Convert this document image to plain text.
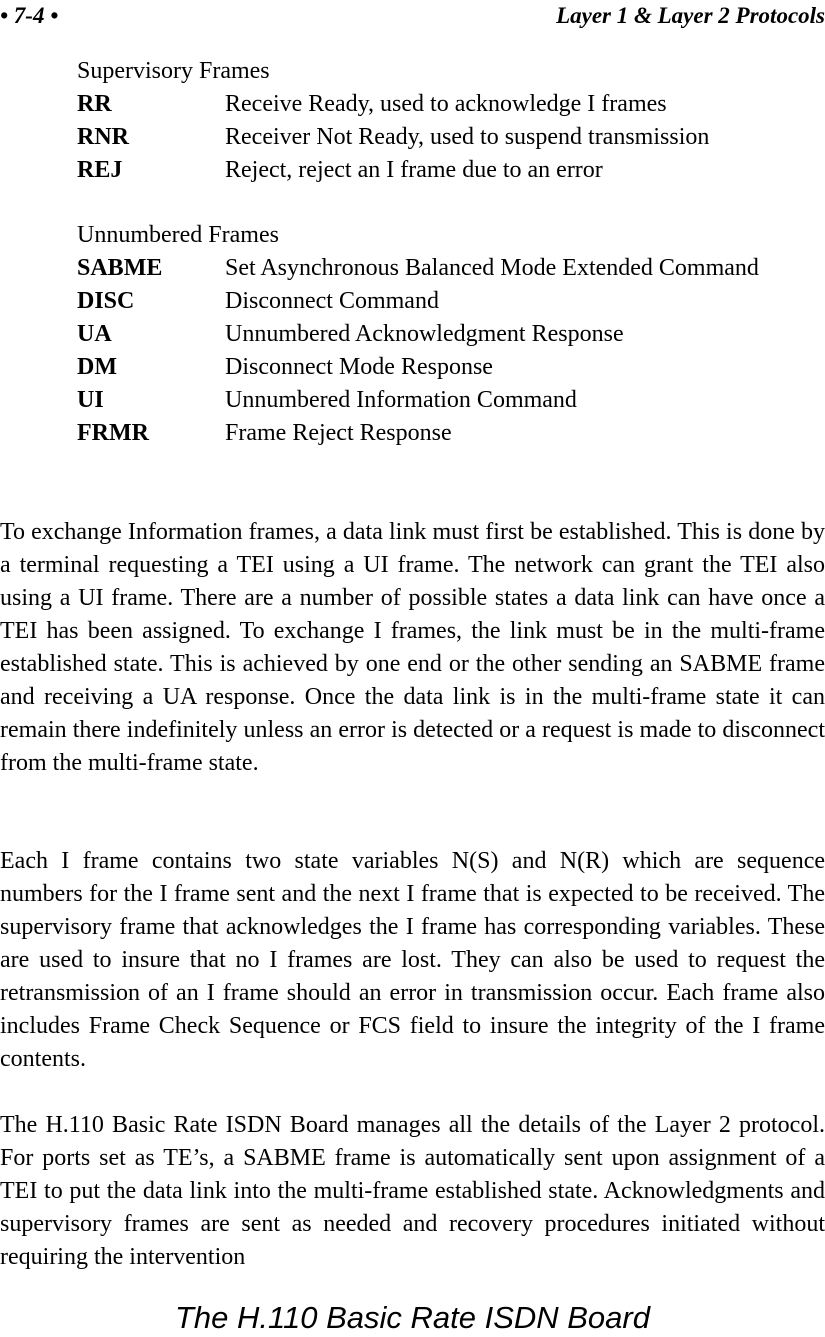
• 7-4 •	Layer 1 & Layer 2 Protocols
Supervisory Frames
RR	Receive Ready, used to acknowledge I frames
RNR	Receiver Not Ready, used to suspend transmission
REJ	Reject, reject an I frame due to an error
Unnumbered Frames
SABME	Set Asynchronous Balanced Mode Extended Command
DISC	Disconnect Command
UA	Unnumbered Acknowledgment Response
DM	Disconnect Mode Response
UI	Unnumbered Information Command
FRMR	Frame Reject Response

To exchange Information frames, a data link must first be established. This is done by a terminal requesting a TEI using a UI frame. The network can grant the TEI also using a UI frame. There are a number of possible states a data link can have once a TEI has been assigned. To exchange I frames, the link must be in the multi-frame established state. This is achieved by one end or the other sending an SABME frame and receiving a UA response. Once the data link is in the multi-frame state it can remain there indefinitely unless an error is detected or a request is made to disconnect from the multi-frame state.

Each I frame contains two state variables N(S) and N(R) which are sequence numbers for the I frame sent and the next I frame that is expected to be received. The supervisory frame that acknowledges the I frame has corresponding variables. These are used to insure that no I frames are lost. They can also be used to request the retransmission of an I frame should an error in transmission occur. Each frame also includes Frame Check Sequence or FCS field to insure the integrity of the I frame contents.

The H.110 Basic Rate ISDN Board manages all the details of the Layer 2 protocol. For ports set as TE’s, a SABME frame is automatically sent upon assignment of a TEI to put the data link into the multi-frame established state. Acknowledgments and supervisory frames are sent as needed and recovery procedures initiated without requiring the intervention

The H.110 Basic Rate ISDN Board
